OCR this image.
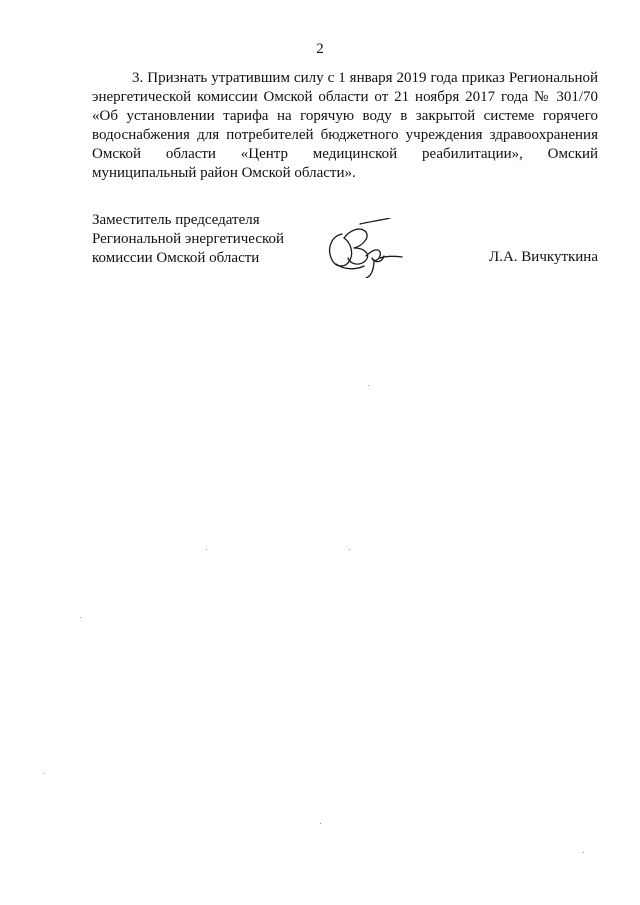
2

3. Признать утратившим силу с 1 января 2019 года приказ Региональной энергетической комиссии Омской области от 21 ноября 2017 года № 301/70 «Об установлении тарифа на горячую воду в закрытой системе горячего водоснабжения для потребителей бюджетного учреждения здравоохранения Омской области «Центр медицинской реабилитации», Омский муниципальный район Омской области».

Заместитель председателя
Региональной энергетической
комиссии Омской области	Л.А. Вичкуткина
